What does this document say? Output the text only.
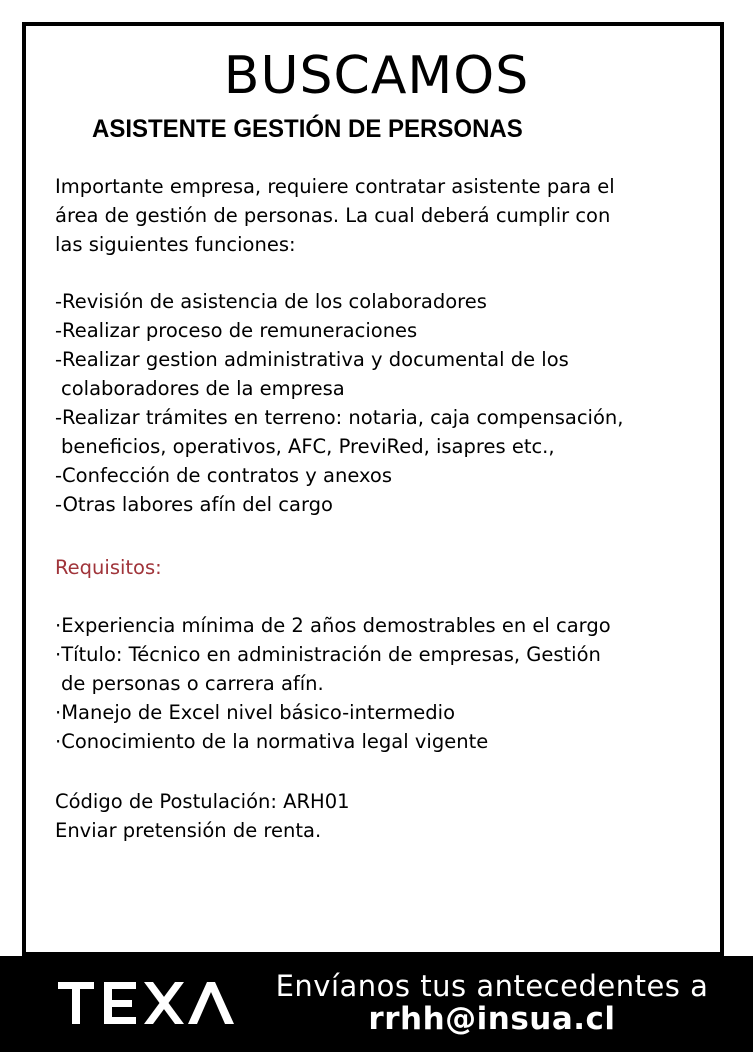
BUSCAMOS
ASISTENTE GESTIÓN DE PERSONAS
Importante empresa, requiere contratar asistente para el
área de gestión de personas. La cual deberá cumplir con
las siguientes funciones:
-Revisión de asistencia de los colaboradores
-Realizar proceso de remuneraciones
-Realizar gestion administrativa y documental de los
colaboradores de la empresa
-Realizar trámites en terreno: notaria, caja compensación,
beneficios, operativos, AFC, PreviRed, isapres etc.,
-Confección de contratos y anexos
-Otras labores afín del cargo
Requisitos:
·Experiencia mínima de 2 años demostrables en el cargo
·Título: Técnico en administración de empresas, Gestión
de personas o carrera afín.
·Manejo de Excel nivel básico-intermedio
·Conocimiento de la normativa legal vigente
Código de Postulación: ARH01
Enviar pretensión de renta.
Envíanos tus antecedentes a
rrhh@insua.cl
